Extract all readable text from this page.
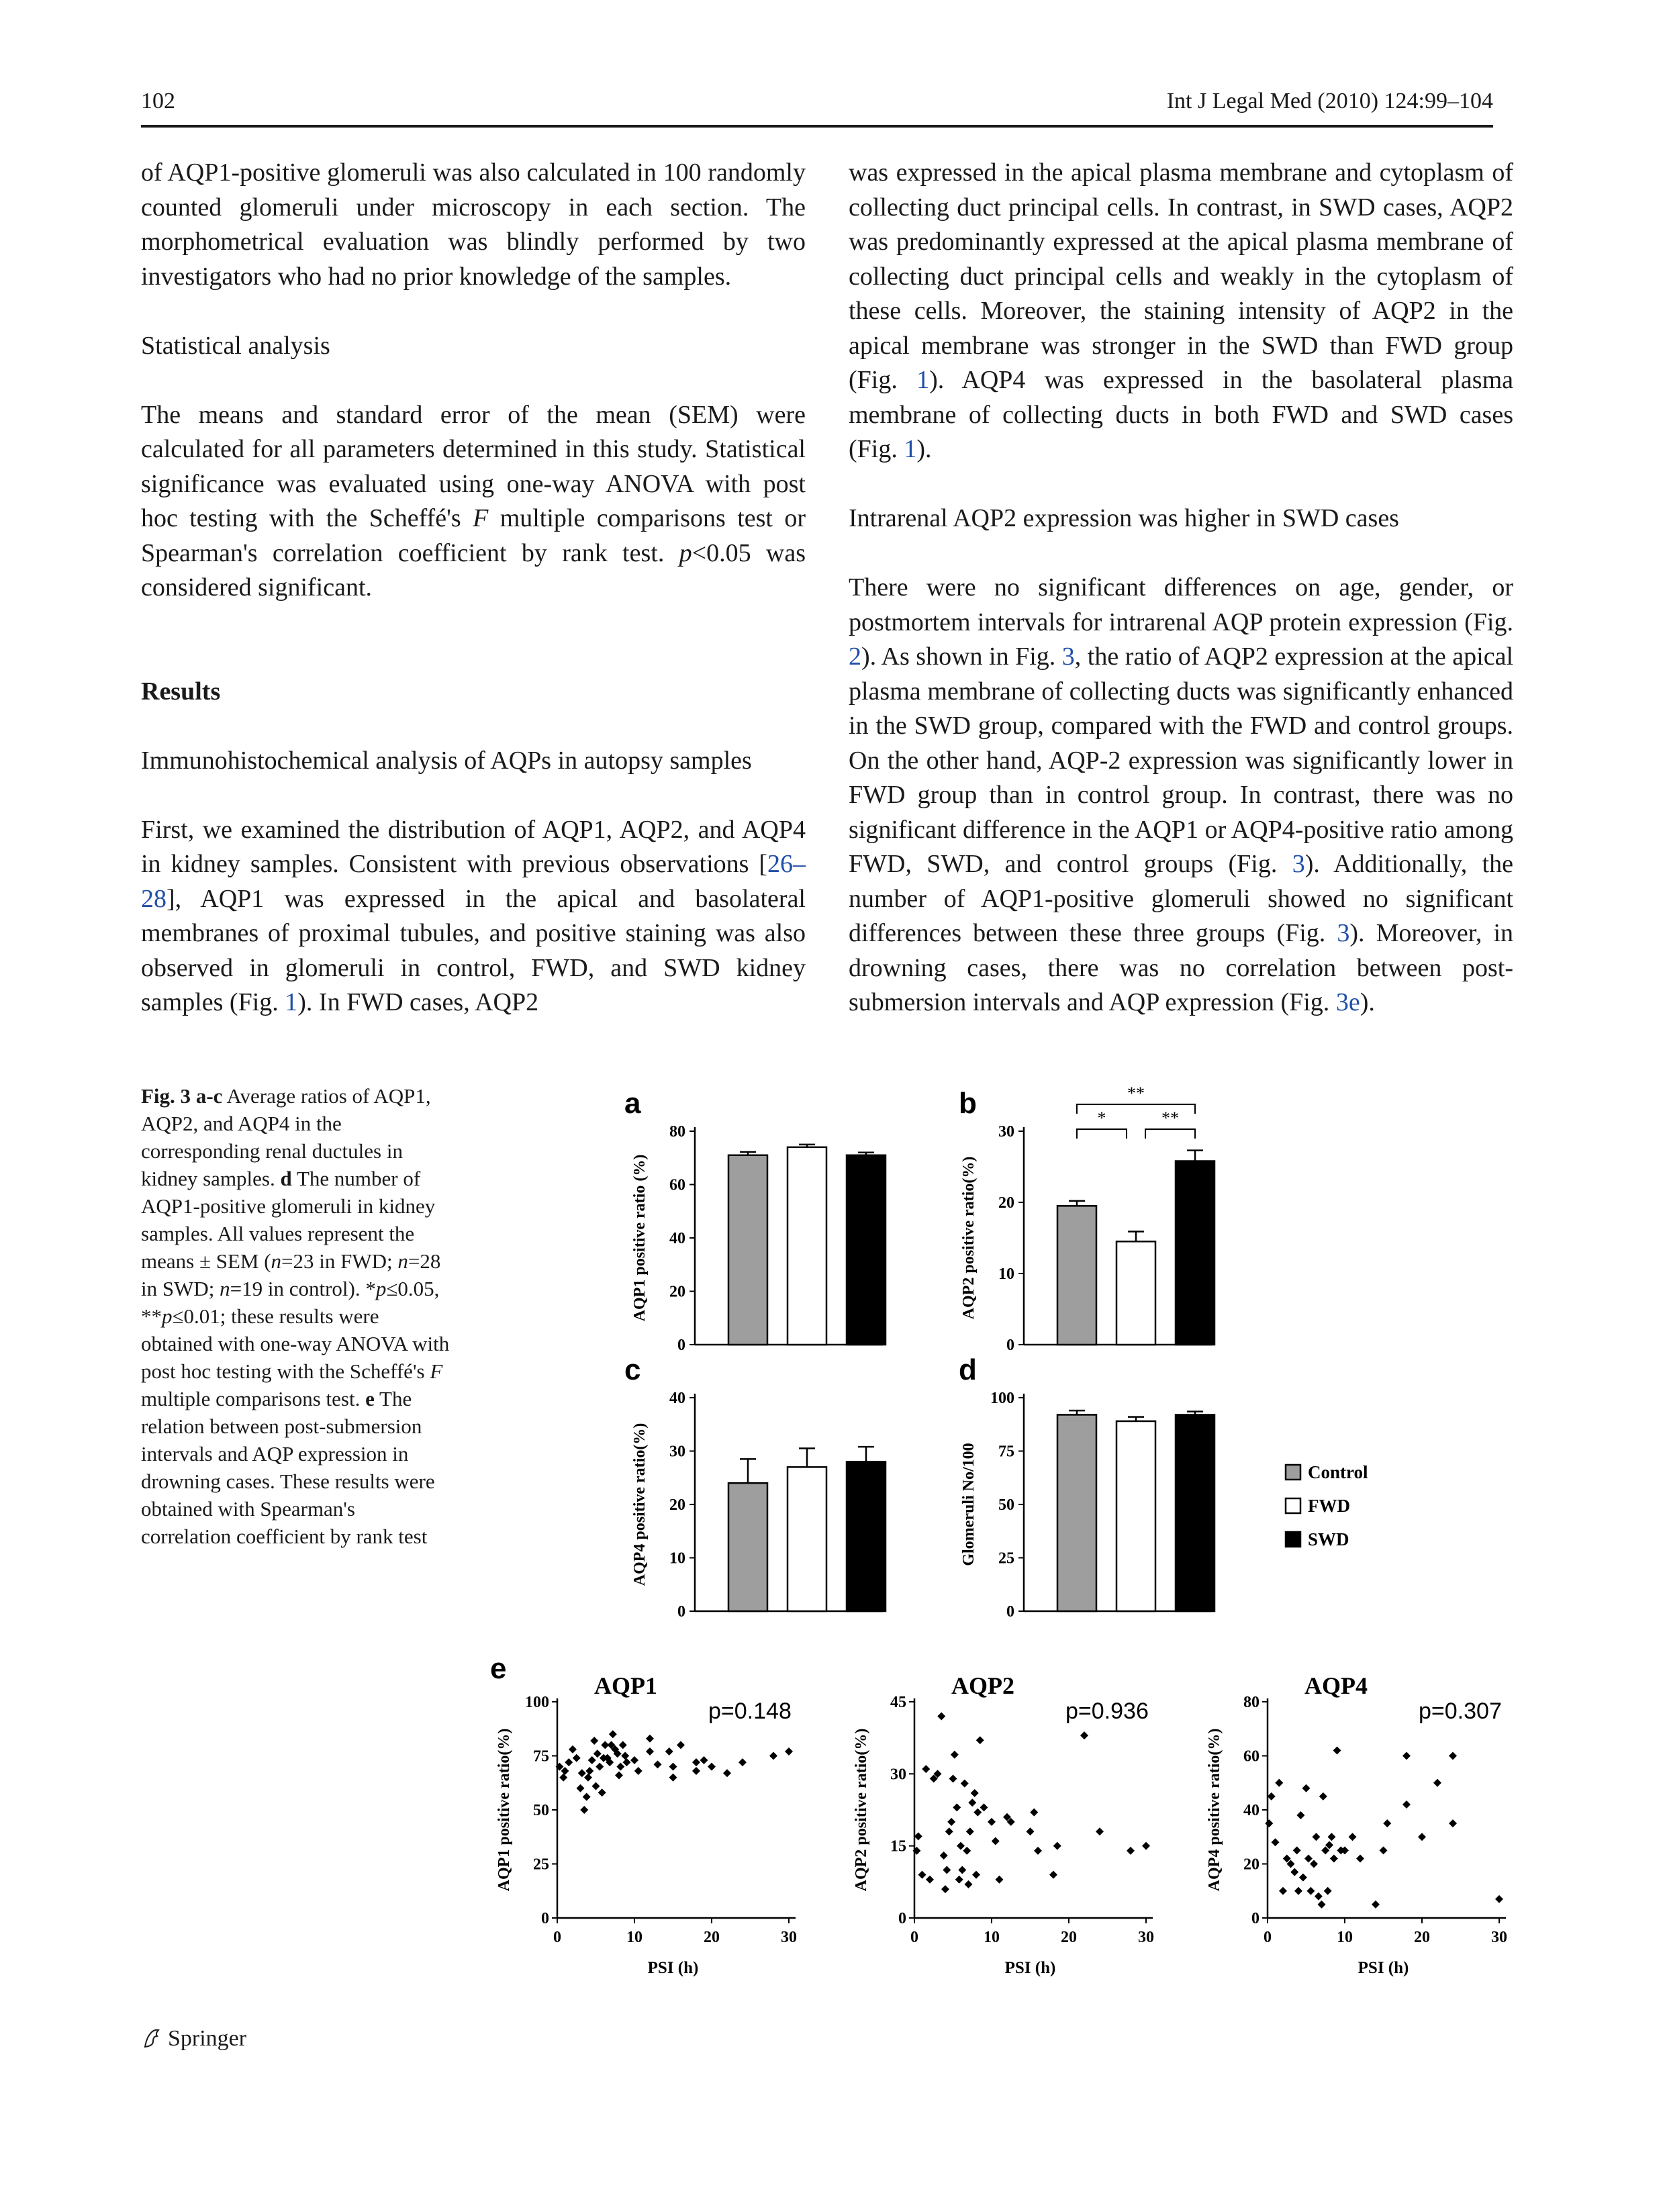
102	Int J Legal Med (2010) 124:99–104

of AQP1-positive glomeruli was also calculated in 100 randomly counted glomeruli under microscopy in each section. The morphometrical evaluation was blindly performed by two investigators who had no prior knowledge of the samples.

Statistical analysis

The means and standard error of the mean (SEM) were calculated for all parameters determined in this study. Statistical significance was evaluated using one-way ANOVA with post hoc testing with the Scheffé's F multiple comparisons test or Spearman's correlation coefficient by rank test. p<0.05 was considered significant.

Results

Immunohistochemical analysis of AQPs in autopsy samples

First, we examined the distribution of AQP1, AQP2, and AQP4 in kidney samples. Consistent with previous observations [26–28], AQP1 was expressed in the apical and basolateral membranes of proximal tubules, and positive staining was also observed in glomeruli in control, FWD, and SWD kidney samples (Fig. 1). In FWD cases, AQP2

was expressed in the apical plasma membrane and cytoplasm of collecting duct principal cells. In contrast, in SWD cases, AQP2 was predominantly expressed at the apical plasma membrane of collecting duct principal cells and weakly in the cytoplasm of these cells. Moreover, the staining intensity of AQP2 in the apical membrane was stronger in the SWD than FWD group (Fig. 1). AQP4 was expressed in the basolateral plasma membrane of collecting ducts in both FWD and SWD cases (Fig. 1).

Intrarenal AQP2 expression was higher in SWD cases

There were no significant differences on age, gender, or postmortem intervals for intrarenal AQP protein expression (Fig. 2). As shown in Fig. 3, the ratio of AQP2 expression at the apical plasma membrane of collecting ducts was significantly enhanced in the SWD group, compared with the FWD and control groups. On the other hand, AQP-2 expression was significantly lower in FWD group than in control group. In contrast, there was no significant difference in the AQP1 or AQP4-positive ratio among FWD, SWD, and control groups (Fig. 3). Additionally, the number of AQP1-positive glomeruli showed no significant differences between these three groups (Fig. 3). Moreover, in drowning cases, there was no correlation between post-submersion intervals and AQP expression (Fig. 3e).

Fig. 3 a-c Average ratios of AQP1, AQP2, and AQP4 in the corresponding renal ductules in kidney samples. d The number of AQP1-positive glomeruli in kidney samples. All values represent the means ± SEM (n=23 in FWD; n=28 in SWD; n=19 in control). *p≤0.05, **p≤0.01; these results were obtained with one-way ANOVA with post hoc testing with the Scheffé's F multiple comparisons test. e The relation between post-submersion intervals and AQP expression in drowning cases. These results were obtained with Spearman's correlation coefficient by rank test
a
AQP1 positive ratio (%)
0
20
40
60
80
b
AQP2 positive ratio(%)
0
10
20
30
*	**
**
c
AQP4 positive ratio(%)
0
10
20
30
40
d
Glomeruli No/100
0
25
50
75
100
Control
FWD
SWD
e
AQP1
p=0.148
AQP1 positive ratio(%)
PSI (h)
0
25
50
75
100
0	10	20	30
AQP2
p=0.936
AQP2 positive ratio(%)
PSI (h)
0
15
30
45
0	10	20	30
AQP4
p=0.307
AQP4 positive ratio(%)
PSI (h)
0
20
40
60
80
0	10	20	30
Springer
